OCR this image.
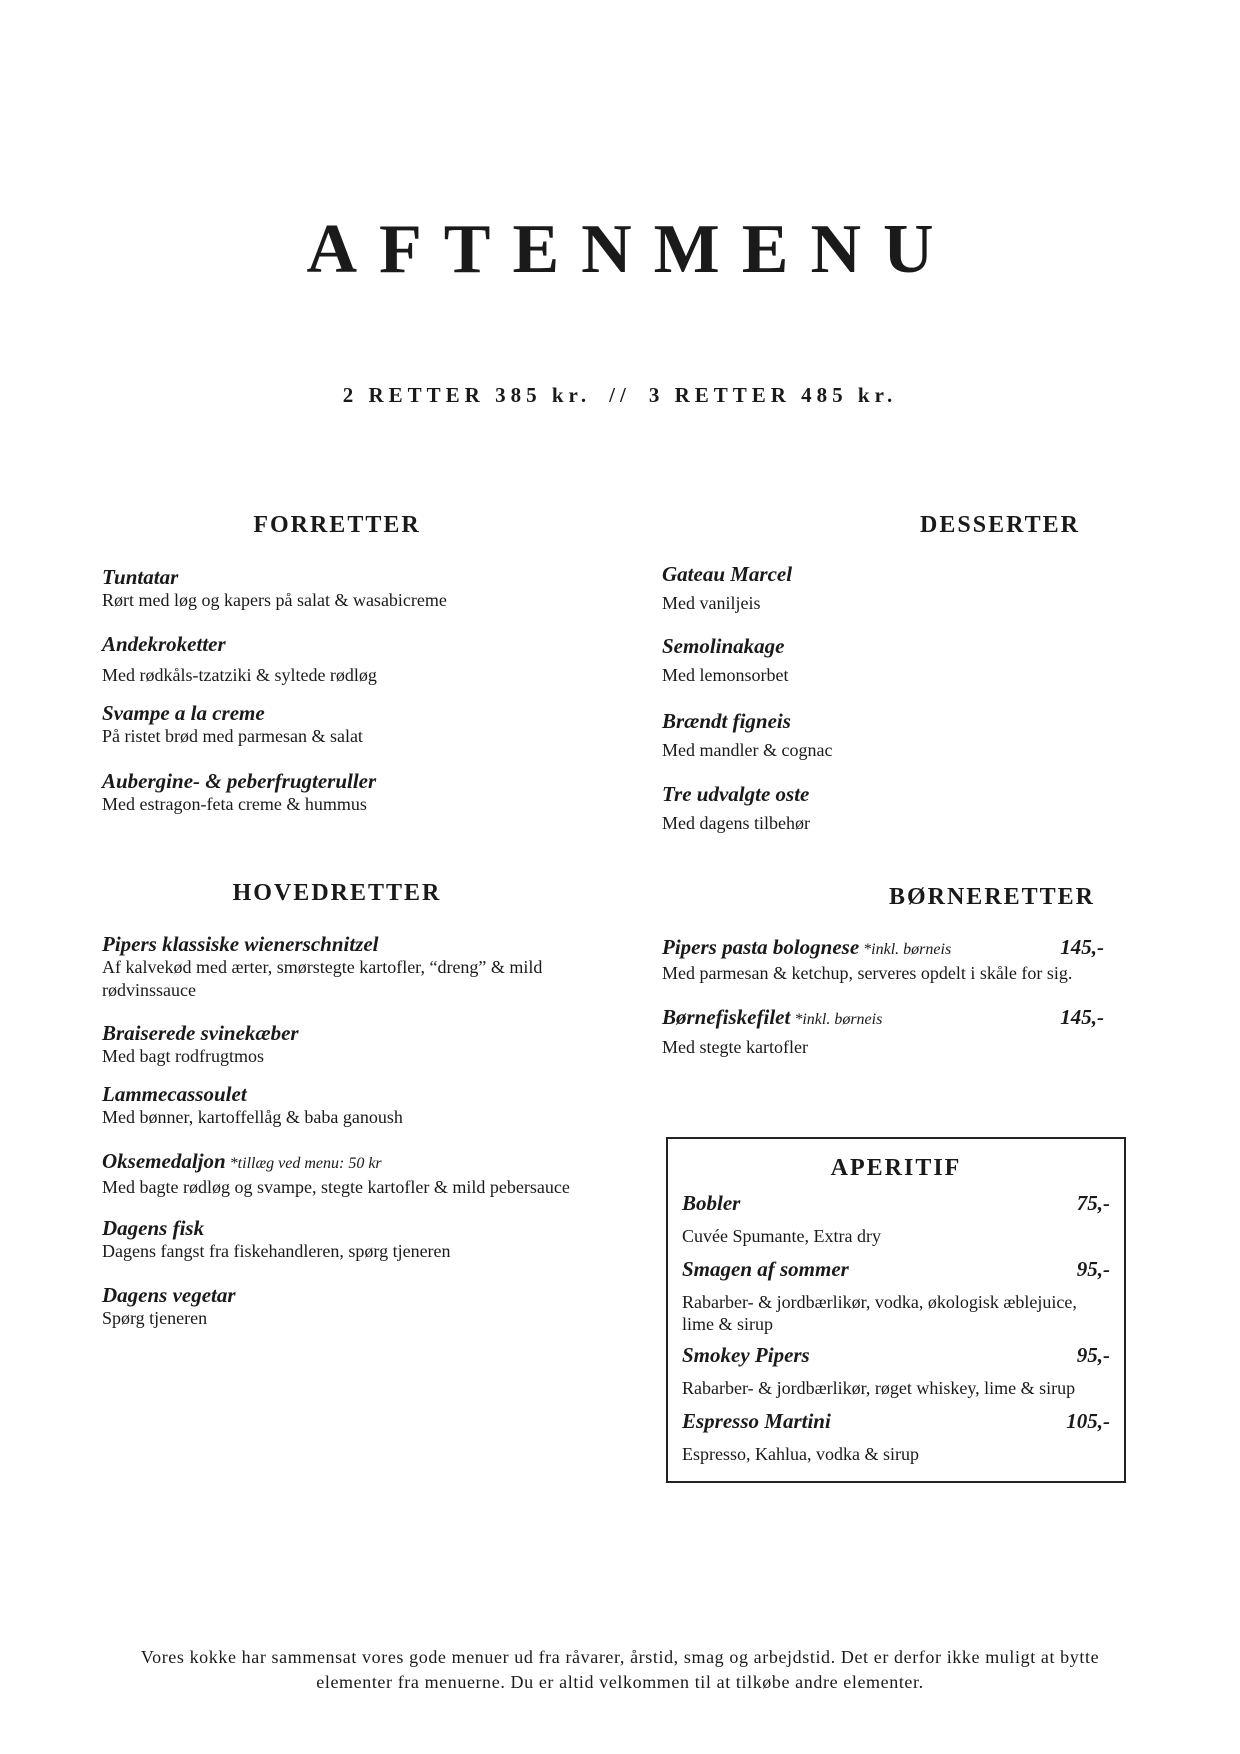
AFTENMENU
2 RETTER 385 kr. // 3 RETTER 485 kr.
FORRETTER
Tuntatar
Rørt med løg og kapers på salat & wasabicreme
Andekroketter
Med rødkåls-tzatziki & syltede rødløg
Svampe a la creme
På ristet brød med parmesan & salat
Aubergine- & peberfrugteruller
Med estragon-feta creme & hummus
DESSERTER
Gateau Marcel
Med vaniljeis
Semolinakage
Med lemonsorbet
Brændt figneis
Med mandler & cognac
Tre udvalgte oste
Med dagens tilbehør
HOVEDRETTER
Pipers klassiske wienerschnitzel
Af kalvekød med ærter, smørstegte kartofler, “dreng” & mild rødvinssauce
Braiserede svinekæber
Med bagt rodfrugtmos
Lammecassoulet
Med bønner, kartoffellåg & baba ganoush
Oksemedaljon *tillæg ved menu: 50 kr
Med bagte rødløg og svampe, stegte kartofler & mild pebersauce
Dagens fisk
Dagens fangst fra fiskehandleren, spørg tjeneren
Dagens vegetar
Spørg tjeneren
BØRNERETTER
Pipers pasta bolognese *inkl. børneis	145,-
Med parmesan & ketchup, serveres opdelt i skåle for sig.
Børnefiskefilet *inkl. børneis	145,-
Med stegte kartofler
APERITIF
Bobler	75,-
Cuvée Spumante, Extra dry
Smagen af sommer	95,-
Rabarber- & jordbærlikør, vodka, økologisk æblejuice, lime & sirup
Smokey Pipers	95,-
Rabarber- & jordbærlikør, røget whiskey, lime & sirup
Espresso Martini	105,-
Espresso, Kahlua, vodka & sirup
Vores kokke har sammensat vores gode menuer ud fra råvarer, årstid, smag og arbejdstid. Det er derfor ikke muligt at bytte
elementer fra menuerne. Du er altid velkommen til at tilkøbe andre elementer.
